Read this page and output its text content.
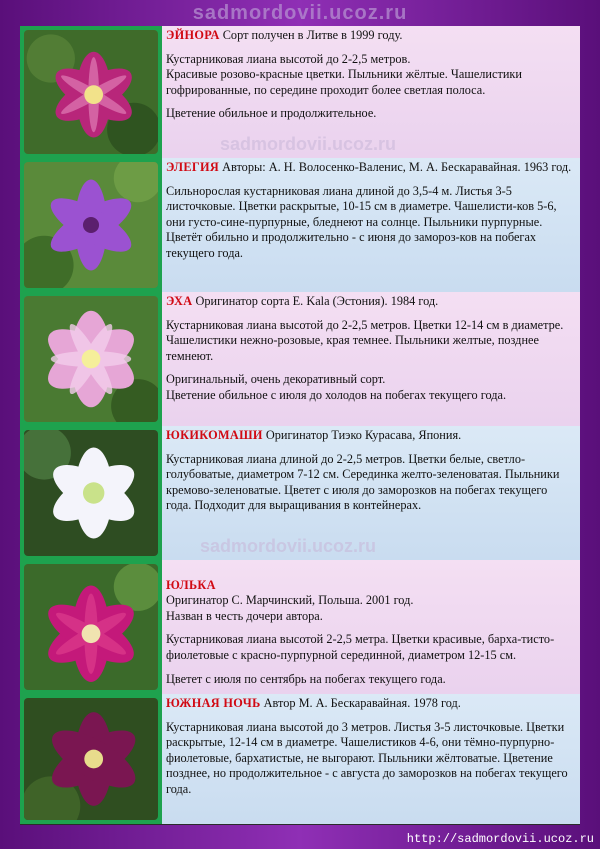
sadmordovii.ucoz.ru

ЭЙНОРА Сорт получен в Литве в 1999 году.

Кустарниковая лиана высотой до 2-2,5 метров.
Красивые розово-красные цветки. Пыльники жёлтые. Чашелистики гофрированные, по середине проходит более светлая полоса.

Цветение обильное и продолжительное.

sadmordovii.ucoz.ru

ЭЛЕГИЯ Авторы: А. Н. Волосенко-Валенис, М. А. Бескаравайная. 1963 год.

Сильнорослая кустарниковая лиана длиной до 3,5-4 м. Листья 3-5 листочковые. Цветки раскрытые, 10-15 см в диаметре. Чашелисти-ков 5-6, они густо-сине-пурпурные, бледнеют на солнце. Пыльники пурпурные. Цветёт обильно и продолжительно - с июня до замороз-ков на побегах текущего года.

ЭХА Оригинатор сорта E. Kala (Эстония). 1984 год.

Кустарниковая лиана высотой до 2-2,5 метров. Цветки 12-14 см в диаметре. Чашелистики нежно-розовые, края темнее. Пыльники желтые, позднее темнеют.

Оригинальный, очень декоративный сорт.
Цветение обильное с июля до холодов на побегах текущего года.

ЮКИКОМАШИ Оригинатор Тиэко Курасава, Япония.

Кустарниковая лиана длиной до 2-2,5 метров. Цветки белые, светло-голубоватые, диаметром 7-12 см. Серединка желто-зеленоватая. Пыльники кремово-зеленоватые. Цветет с июля до заморозков на побегах текущего года. Подходит для выращивания в контейнерах.

sadmordovii.ucoz.ru

ЮЛЬКА
Оригинатор С. Марчинский, Польша. 2001 год.
Назван в честь дочери автора.

Кустарниковая лиана высотой 2-2,5 метра. Цветки красивые, барха-тисто-фиолетовые с красно-пурпурной серединной, диаметром 12-15 см.

Цветет с июля по сентябрь на побегах текущего года.

ЮЖНАЯ НОЧЬ Автор М. А. Бескаравайная. 1978 год.

Кустарниковая лиана высотой до 3 метров. Листья 3-5 листочковые. Цветки раскрытые, 12-14 см в диаметре. Чашелистиков 4-6, они тёмно-пурпурно-фиолетовые, бархатистые, не выгорают. Пыльники жёлтоватые. Цветение позднее, но продолжительное - с августа до заморозков на побегах текущего года.

http://sadmordovii.ucoz.ru
